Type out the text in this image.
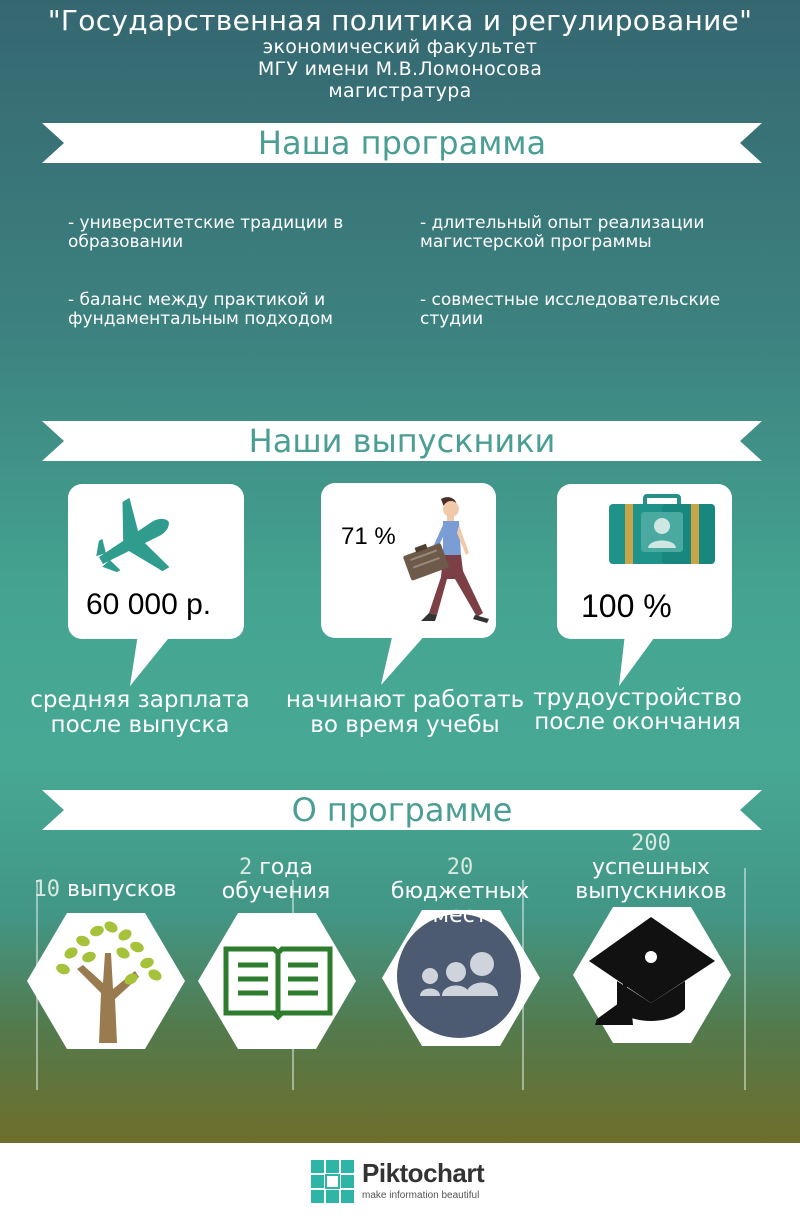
"Государственная политика и регулирование"
экономический факультет
МГУ имени М.В.Ломоносова
магистратура
Наша программа
- университетские традиции в образовании
- длительный опыт реализации магистерской программы
- баланс между практикой и фундаментальным подходом
- совместные исследовательские студии
Наши выпускники
60 000 р.
средняя зарплата
после выпуска
71 %
начинают работать
во время учебы
100 %
трудоустройство
после окончания
О программе
10 выпусков
2 года
обучения
20
бюджетных
мест
200
успешных
выпускников
Piktochart
make information beautiful
